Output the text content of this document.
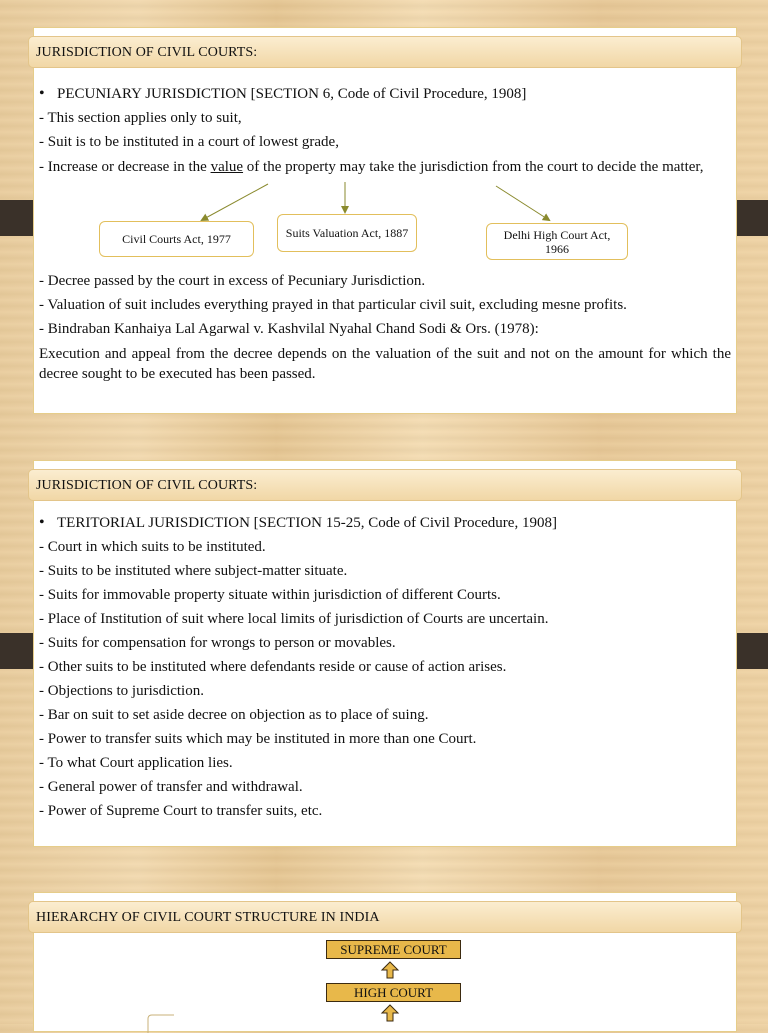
JURISDICTION OF CIVIL COURTS:
• PECUNIARY JURISDICTION [SECTION 6, Code of Civil Procedure, 1908]
- This section applies only to suit,
- Suit is to be instituted in a court of lowest grade,
- Increase or decrease in the value of the property may take the jurisdiction from the court to decide the matter,
Civil Courts Act, 1977	Suits Valuation Act, 1887	Delhi High Court Act, 1966
- Decree passed by the court in excess of Pecuniary Jurisdiction.
- Valuation of suit includes everything prayed in that particular civil suit, excluding mesne profits.
- Bindraban Kanhaiya Lal Agarwal v. Kashvilal Nyahal Chand Sodi & Ors. (1978):
Execution and appeal from the decree depends on the valuation of the suit and not on the amount for which the decree sought to be executed has been passed.
JURISDICTION OF CIVIL COURTS:
• TERITORIAL JURISDICTION [SECTION 15-25, Code of Civil Procedure, 1908]
- Court in which suits to be instituted.
- Suits to be instituted where subject-matter situate.
- Suits for immovable property situate within jurisdiction of different Courts.
- Place of Institution of suit where local limits of jurisdiction of Courts are uncertain.
- Suits for compensation for wrongs to person or movables.
- Other suits to be instituted where defendants reside or cause of action arises.
- Objections to jurisdiction.
- Bar on suit to set aside decree on objection as to place of suing.
- Power to transfer suits which may be instituted in more than one Court.
- To what Court application lies.
- General power of transfer and withdrawal.
- Power of Supreme Court to transfer suits, etc.
HIERARCHY OF CIVIL COURT STRUCTURE IN INDIA
SUPREME COURT
HIGH COURT
